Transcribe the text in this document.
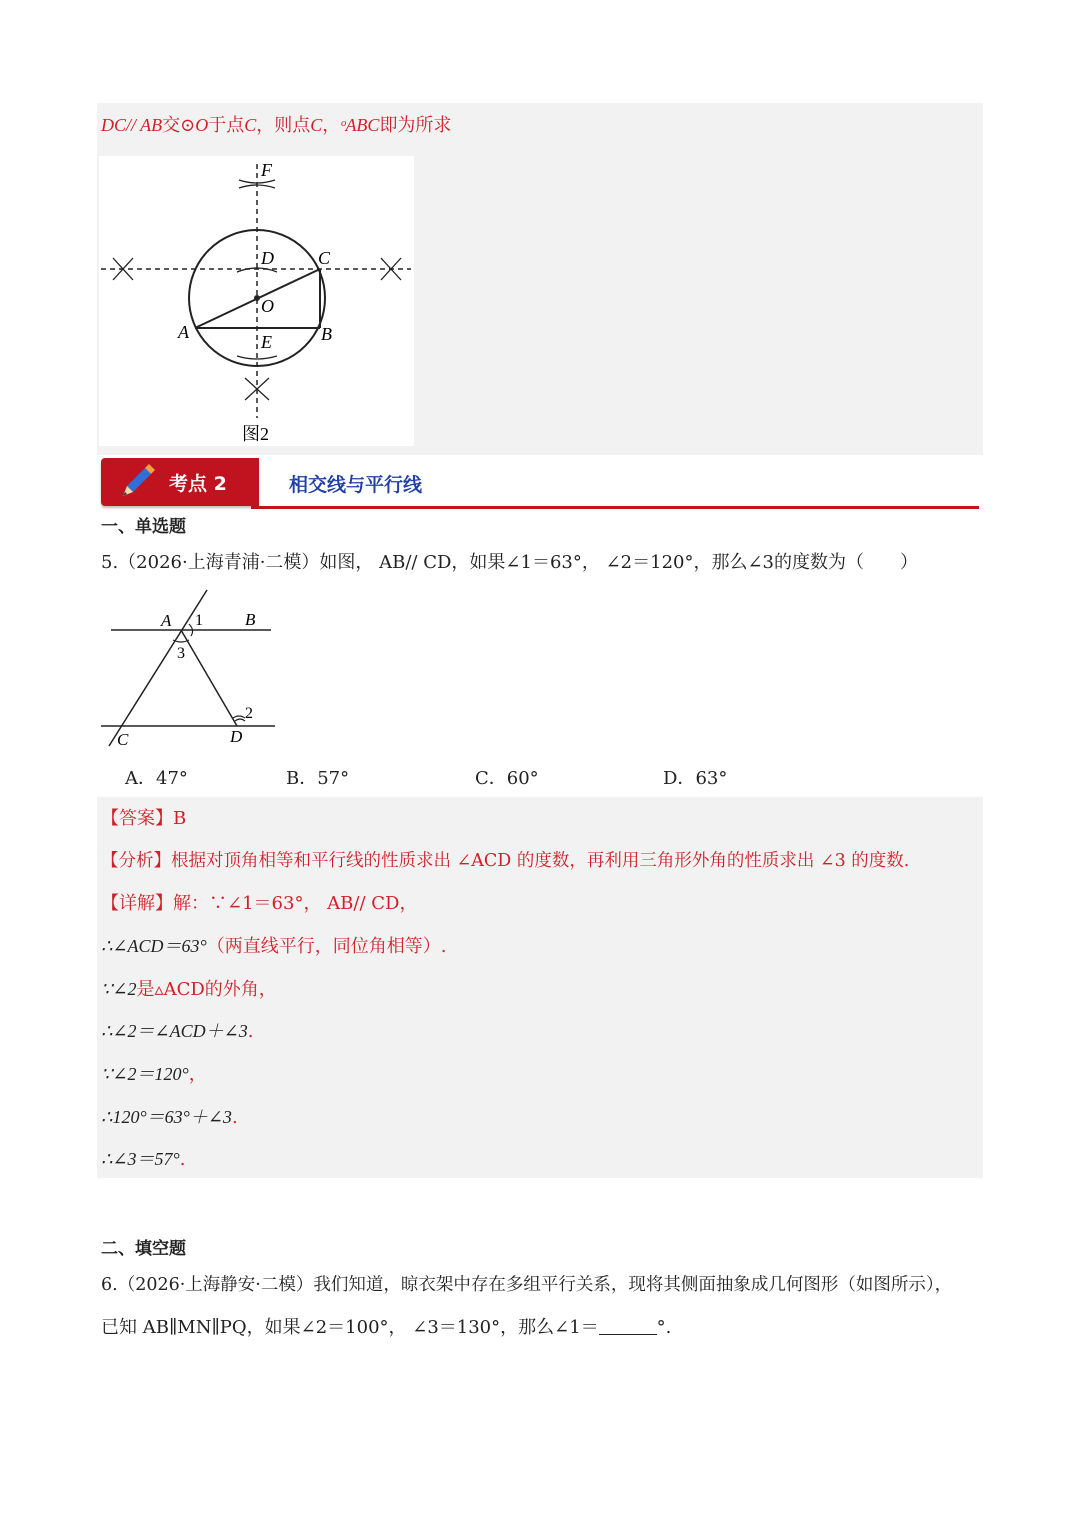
DC// AB交⊙O于点C，则点C，ᵒABC即为所求
F
D C
O
A	B
E
图2
考点 2	相交线与平行线
一、单选题
5.（2026·上海青浦·二模）如图， AB// CD，如果∠1＝63°， ∠2＝120°，那么∠3的度数为（　　）
A 1 B
3
2
C	D
A．47°	B．57°	C．60°	D．63°
【答案】B
【分析】根据对顶角相等和平行线的性质求出 ∠ACD 的度数，再利用三角形外角的性质求出 ∠3 的度数.
【详解】解：∵∠1＝63°， AB// CD，
∴∠ACD＝63°（两直线平行，同位角相等）.
∵∠2是▵ACD的外角，
∴∠2＝∠ACD＋∠3.
∵∠2＝120°，
∴120°＝63°＋∠3.
∴∠3＝57°.
二、填空题
6.（2026·上海静安·二模）我们知道，晾衣架中存在多组平行关系，现将其侧面抽象成几何图形（如图所示），
已知 AB∥MN∥PQ，如果∠2＝100°， ∠3＝130°，那么∠1＝	°.
